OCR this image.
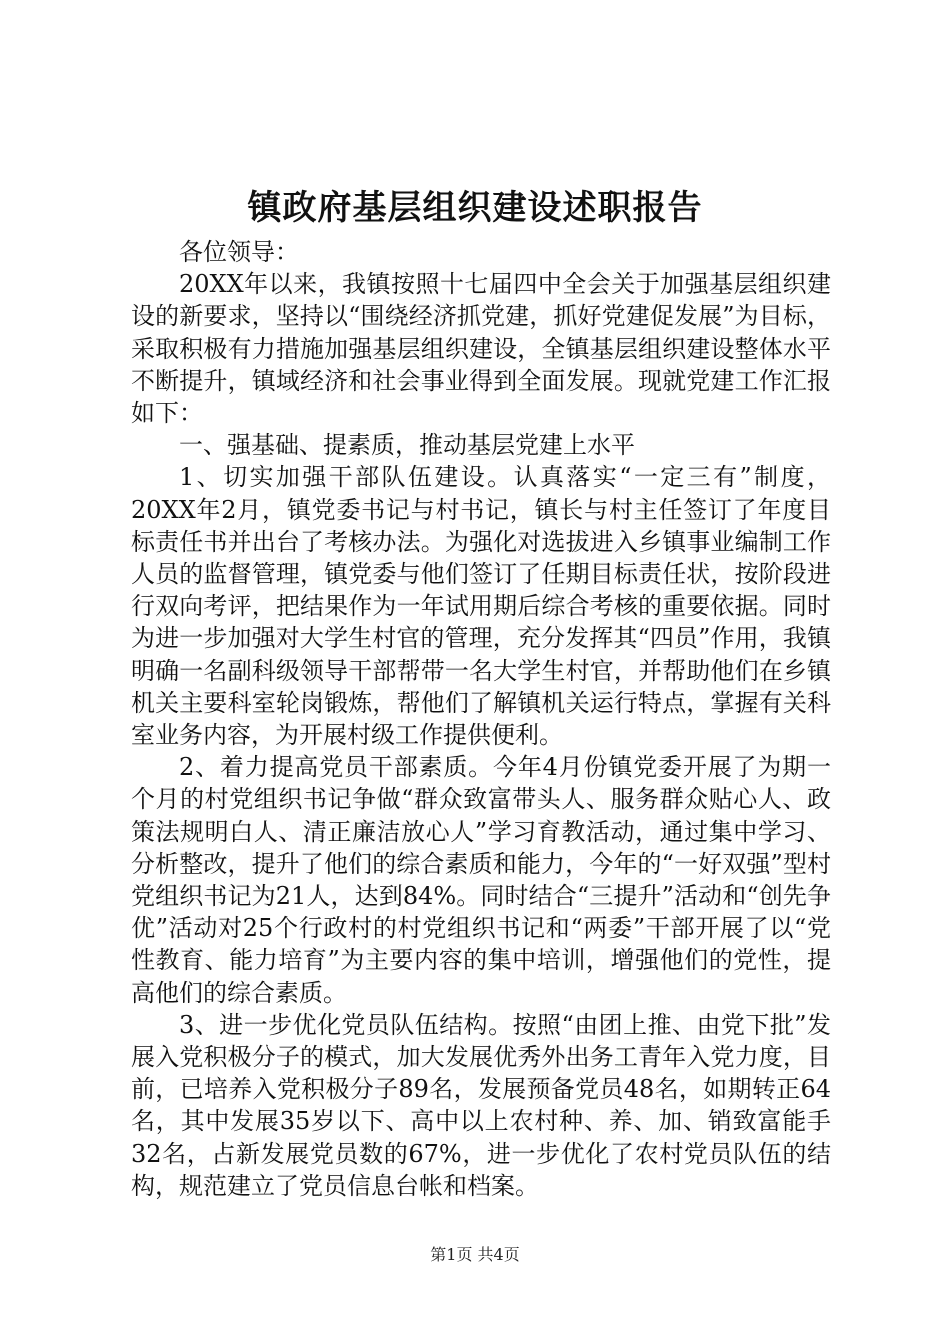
镇政府基层组织建设述职报告

各位领导：

20XX年以来，我镇按照十七届四中全会关于加强基层组织建设的新要求，坚持以“围绕经济抓党建，抓好党建促发展”为目标，采取积极有力措施加强基层组织建设，全镇基层组织建设整体水平不断提升，镇域经济和社会事业得到全面发展。现就党建工作汇报如下：

一、强基础、提素质，推动基层党建上水平

1、切实加强干部队伍建设。认真落实“一定三有”制度，20XX年2月，镇党委书记与村书记，镇长与村主任签订了年度目标责任书并出台了考核办法。为强化对选拔进入乡镇事业编制工作人员的监督管理，镇党委与他们签订了任期目标责任状，按阶段进行双向考评，把结果作为一年试用期后综合考核的重要依据。同时为进一步加强对大学生村官的管理，充分发挥其“四员”作用，我镇明确一名副科级领导干部帮带一名大学生村官，并帮助他们在乡镇机关主要科室轮岗锻炼，帮他们了解镇机关运行特点，掌握有关科室业务内容，为开展村级工作提供便利。

2、着力提高党员干部素质。今年4月份镇党委开展了为期一个月的村党组织书记争做“群众致富带头人、服务群众贴心人、政策法规明白人、清正廉洁放心人”学习育教活动，通过集中学习、分析整改，提升了他们的综合素质和能力，今年的“一好双强”型村党组织书记为21人，达到84%。同时结合“三提升”活动和“创先争优”活动对25个行政村的村党组织书记和“两委”干部开展了以“党性教育、能力培育”为主要内容的集中培训，增强他们的党性，提高他们的综合素质。

3、进一步优化党员队伍结构。按照“由团上推、由党下批”发展入党积极分子的模式，加大发展优秀外出务工青年入党力度，目前，已培养入党积极分子89名，发展预备党员48名，如期转正64名，其中发展35岁以下、高中以上农村种、养、加、销致富能手32名，占新发展党员数的67%，进一步优化了农村党员队伍的结构，规范建立了党员信息台帐和档案。

第1页 共4页
